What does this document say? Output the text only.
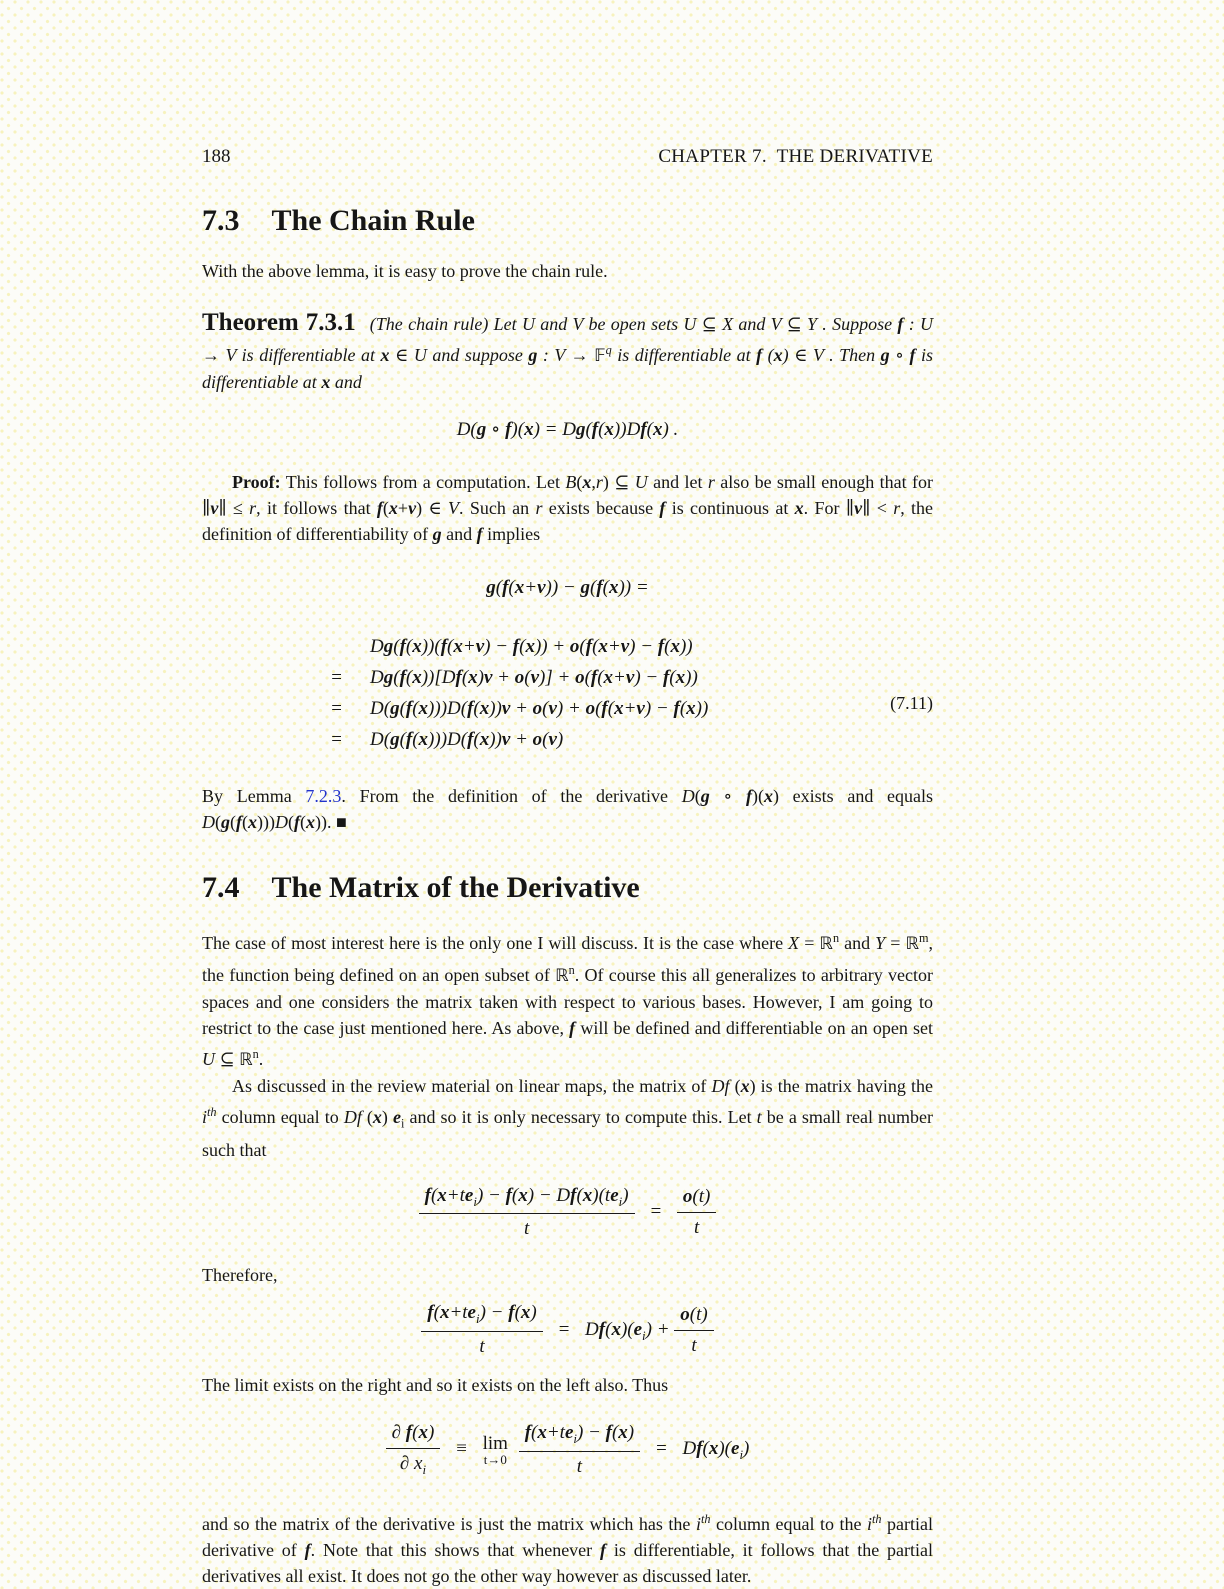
188	CHAPTER 7.  THE DERIVATIVE
7.3 The Chain Rule

With the above lemma, it is easy to prove the chain rule.

Theorem 7.3.1 (The chain rule) Let U and V be open sets U ⊆ X and V ⊆ Y . Suppose f : U → V is differentiable at x ∈ U and suppose g : V → 𝔽$^q$ is differentiable at f (x) ∈ V . Then g ∘ f is differentiable at x and

D(g ∘ f)(x) = Dg(f(x))Df(x) .

Proof: This follows from a computation. Let B(x,r) ⊆ U and let r also be small enough that for ∥v∥ ≤ r, it follows that f(x+v) ∈ V. Such an r exists because f is continuous at x. For ∥v∥ < r, the definition of differentiability of g and f implies

g(f(x+v)) − g(f(x)) =

Dg(f(x))(f(x+v) − f(x)) + o(f(x+v) − f(x))
=	Dg(f(x))[Df(x)v + o(v)] + o(f(x+v) − f(x))
=	D(g(f(x)))D(f(x))v + o(v) + o(f(x+v) − f(x))
=	D(g(f(x)))D(f(x))v + o(v)
(7.11)

By Lemma 7.2.3. From the definition of the derivative D(g ∘ f)(x) exists and equals D(g(f(x)))D(f(x)). ■

7.4 The Matrix of the Derivative

The case of most interest here is the only one I will discuss. It is the case where X = ℝ$^n$ and Y = ℝ$^m$, the function being defined on an open subset of ℝ$^n$. Of course this all generalizes to arbitrary vector spaces and one considers the matrix taken with respect to various bases. However, I am going to restrict to the case just mentioned here. As above, f will be defined and differentiable on an open set U ⊆ ℝ$^n$.

As discussed in the review material on linear maps, the matrix of Df (x) is the matrix having the $i^{th}$ column equal to Df (x) $e_i$ and so it is only necessary to compute this. Let t be a small real number such that

$\frac{f(x+te_i) - f(x) - Df(x)(te_i)}{t} = \frac{o(t)}{t}$

Therefore,

$\frac{f(x+te_i) - f(x)}{t} = Df(x)(e_i) + \frac{o(t)}{t}$

The limit exists on the right and so it exists on the left also. Thus

$\frac{\partial f(x)}{\partial x_i} \equiv \lim$
t→0
$\frac{f(x+te_i) - f(x)}{t} = Df(x)(e_i)$

and so the matrix of the derivative is just the matrix which has the $i^{th}$ column equal to the $i^{th}$ partial derivative of f. Note that this shows that whenever f is differentiable, it follows that the partial derivatives all exist. It does not go the other way however as discussed later.
